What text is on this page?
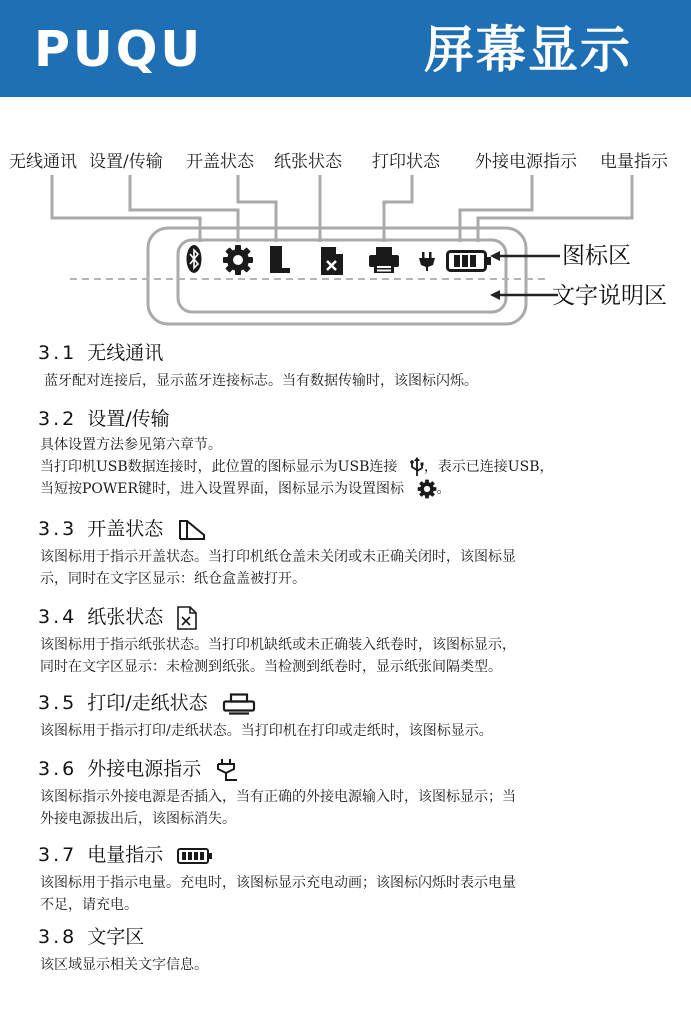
PUQU	屏幕显示
无线通讯 设置/传输 开盖状态 纸张状态 打印状态 外接电源指示 电量指示
图标区
文字说明区
3.1 无线通讯
蓝牙配对连接后，显示蓝牙连接标志。当有数据传输时，该图标闪烁。
3.2 设置/传输
具体设置方法参见第六章节。
当打印机USB数据连接时，此位置的图标显示为USB连接 ，表示已连接USB，
当短按POWER键时，进入设置界面，图标显示为设置图标 。
3.3 开盖状态
该图标用于指示开盖状态。当打印机纸仓盖未关闭或未正确关闭时，该图标显
示，同时在文字区显示：纸仓盒盖被打开。
3.4 纸张状态
该图标用于指示纸张状态。当打印机缺纸或未正确装入纸卷时，该图标显示，
同时在文字区显示：未检测到纸张。当检测到纸卷时，显示纸张间隔类型。
3.5 打印/走纸状态
该图标用于指示打印/走纸状态。当打印机在打印或走纸时，该图标显示。
3.6 外接电源指示
该图标指示外接电源是否插入，当有正确的外接电源输入时，该图标显示；当
外接电源拔出后，该图标消失。
3.7 电量指示
该图标用于指示电量。充电时，该图标显示充电动画；该图标闪烁时表示电量
不足，请充电。
3.8 文字区
该区域显示相关文字信息。
